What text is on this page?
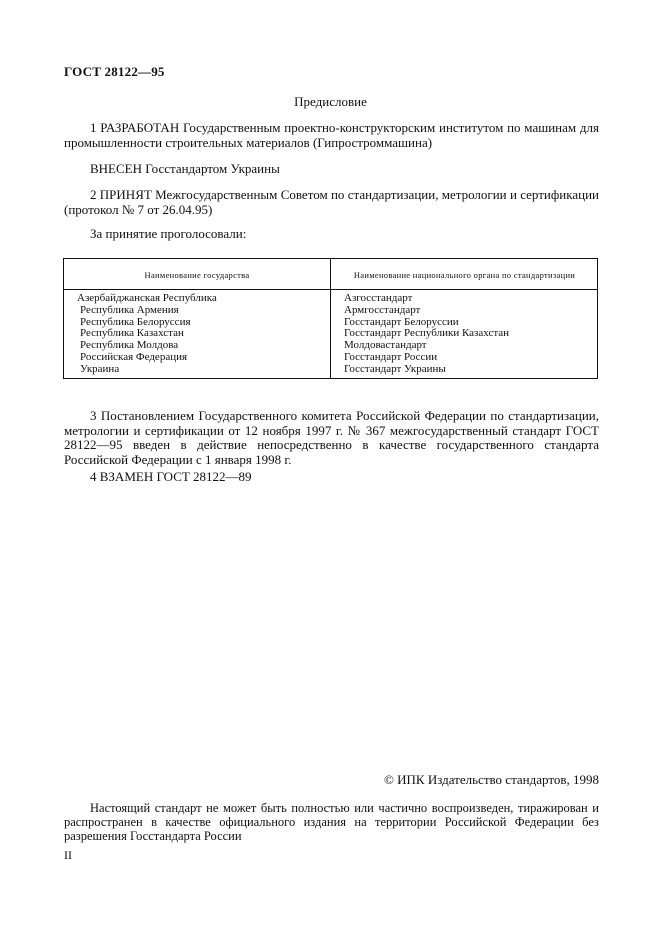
ГОСТ 28122—95
Предисловие
1 РАЗРАБОТАН Государственным проектно-конструкторским институтом по машинам для промышленности строительных материалов (Гипростроммашина)
ВНЕСЕН Госстандартом Украины
2 ПРИНЯТ Межгосударственным Советом по стандартизации, метрологии и сертификации (протокол № 7 от 26.04.95)
За принятие проголосовали:
Наименование государства	Наименование национального органа по стандартизации
Азербайджанская Республика
Республика Армения
Республика Белоруссия
Республика Казахстан
Республика Молдова
Российская Федерация
Украина
Азгосстандарт
Армгосстандарт
Госстандарт Белоруссии
Госстандарт Республики Казахстан
Молдовастандарт
Госстандарт России
Госстандарт Украины
3 Постановлением Государственного комитета Российской Федерации по стандартизации, метрологии и сертификации от 12 ноября 1997 г. № 367 межгосударственный стандарт ГОСТ 28122—95 введен в действие непосредственно в качестве государственного стандарта Российской Федерации с 1 января 1998 г.
4 ВЗАМЕН ГОСТ 28122—89
© ИПК Издательство стандартов, 1998
Настоящий стандарт не может быть полностью или частично воспроизведен, тиражирован и распространен в качестве официального издания на территории Российской Федерации без разрешения Госстандарта России
II
